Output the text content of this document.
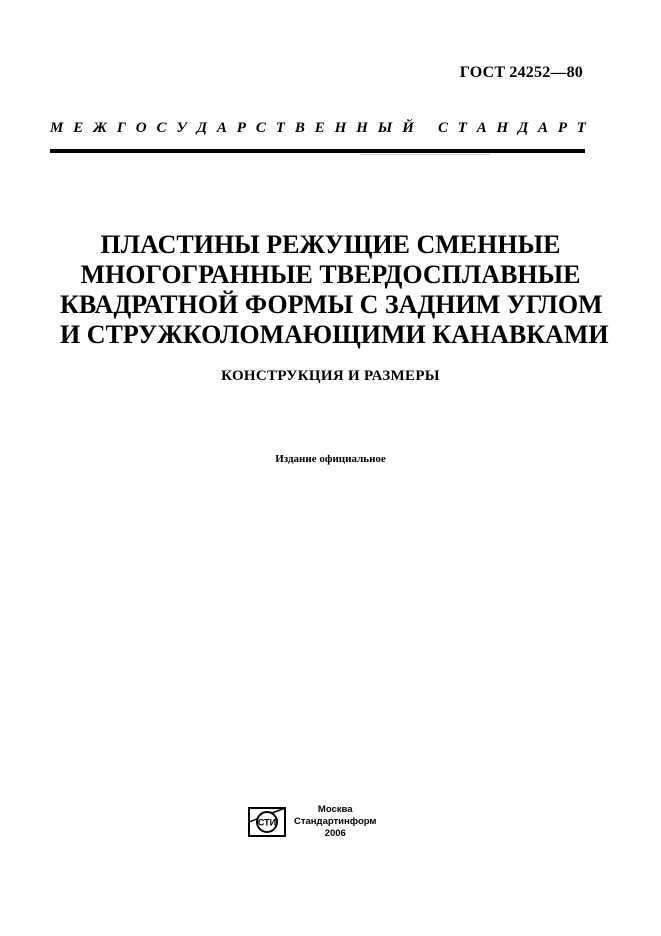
ГОСТ 24252—80
М Е Ж Г О С У Д А Р С Т В Е Н Н Ы Й С Т А Н Д А Р Т
ПЛАСТИНЫ РЕЖУЩИЕ СМЕННЫЕ
МНОГОГРАННЫЕ ТВЕРДОСПЛАВНЫЕ
КВАДРАТНОЙ ФОРМЫ С ЗАДНИМ УГЛОМ
И СТРУЖКОЛОМАЮЩИМИ КАНАВКАМИ
КОНСТРУКЦИЯ И РАЗМЕРЫ
Издание официальное
СТИ
Москва
Стандартинформ
2006
